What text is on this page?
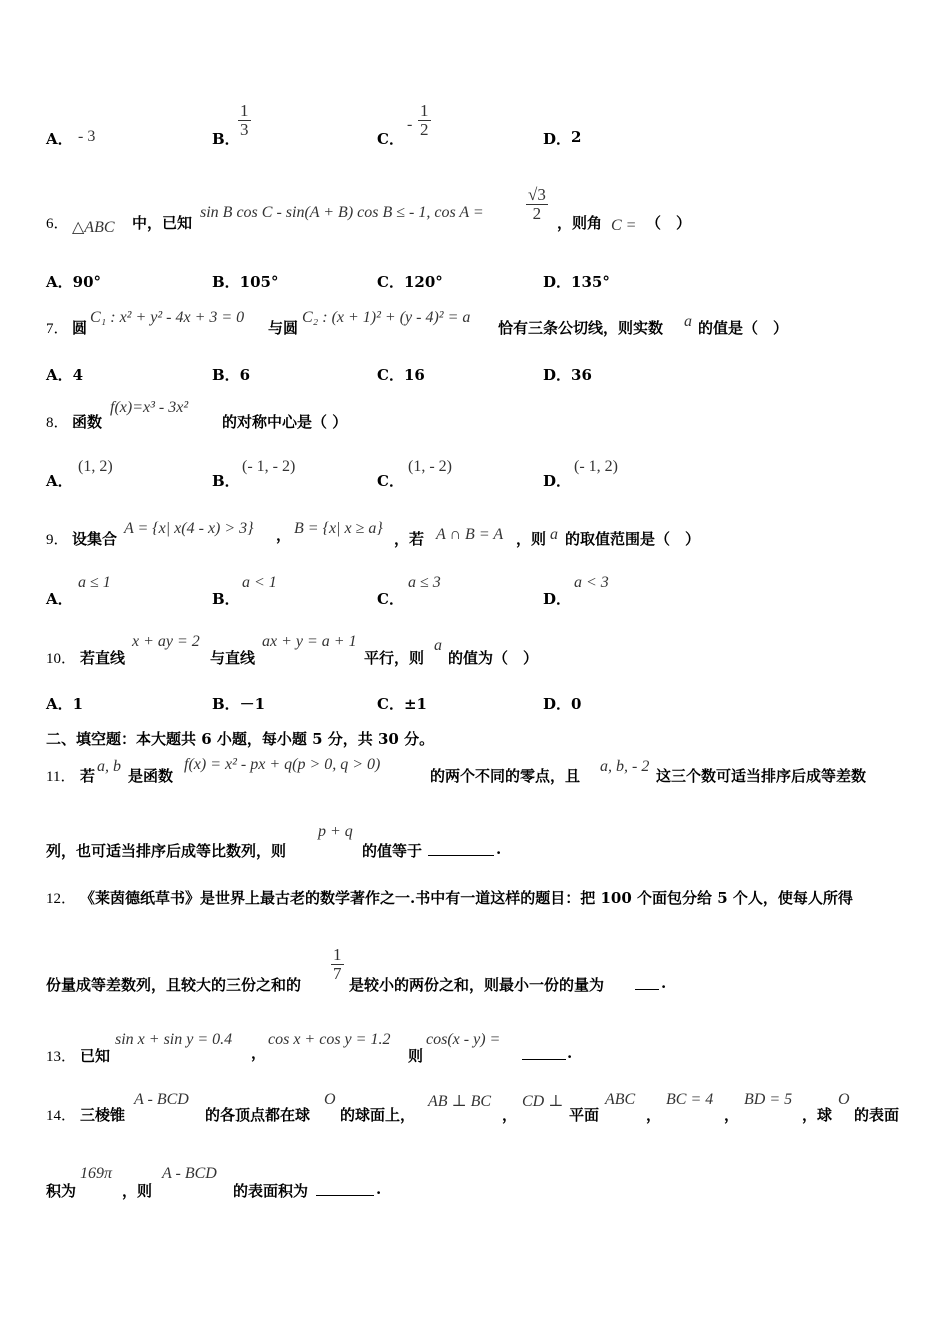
A． - 3	B．
$\frac{1}{3}$
C．
- $\frac{1}{2}$
D． 2
6． △ABC 中，已知
sin B cos C - sin(A + B) cos B ≤ - 1, $\cos A = \frac{√3}{2}$
，则角 C = （　）
A．90°	B．105°	C．120°	D．135°
7． 圆
C₁ : x² + y² - 4x + 3 = 0
与圆
C₂ : (x + 1)² + (y - 4)² = a
恰有三条公切线，则实数 a 的值是（　）
A．4	B．6	C．16	D．36
8． 函数
f(x)=x³ - 3x²
的对称中心是（ ）
A．
(1, 2)
B．
(- 1, - 2)
C．
(1, - 2)
D．
(- 1, 2)
9． 设集合
A = {x| x(4 - x) > 3} ， B = {x| x ≥ a}
，若 A ∩ B = A ，则 a 的取值范围是（　）
A．
a ≤ 1
B．
a < 1
C．
a ≤ 3
D．
a < 3
10． 若直线
x + ay = 2
与直线
ax + y = a + 1
平行，则
a
的值为（　）
A．1	B．－1	C．±1	D．0
二、填空题：本大题共 6 小题，每小题 5 分，共 30 分。
11． 若
a, b
是函数
f(x) = x² - px + q(p > 0, q > 0)
的两个不同的零点，且
a, b, - 2
这三个数可适当排序后成等差数
列，也可适当排序后成等比数列，则
p + q
的值等于	.
12． 《莱茵德纸草书》是世界上最古老的数学著作之一.书中有一道这样的题目：把 100 个面包分给 5 个人，使每人所得
份量成等差数列，且较大的三份之和的
$\frac{1}{7}$
是较小的两份之和，则最小一份的量为	.
13． 已知
sin x + sin y = 0.4
，
cos x + cos y = 1.2
则
cos(x - y) =
.
14． 三棱锥
A - BCD
的各顶点都在球
O
的球面上，
AB ⊥ BC
，
CD ⊥
平面
ABC
，
BC = 4
，
BD = 5
，球
O
的表面
积为
169π
，则
A - BCD
的表面积为	.
